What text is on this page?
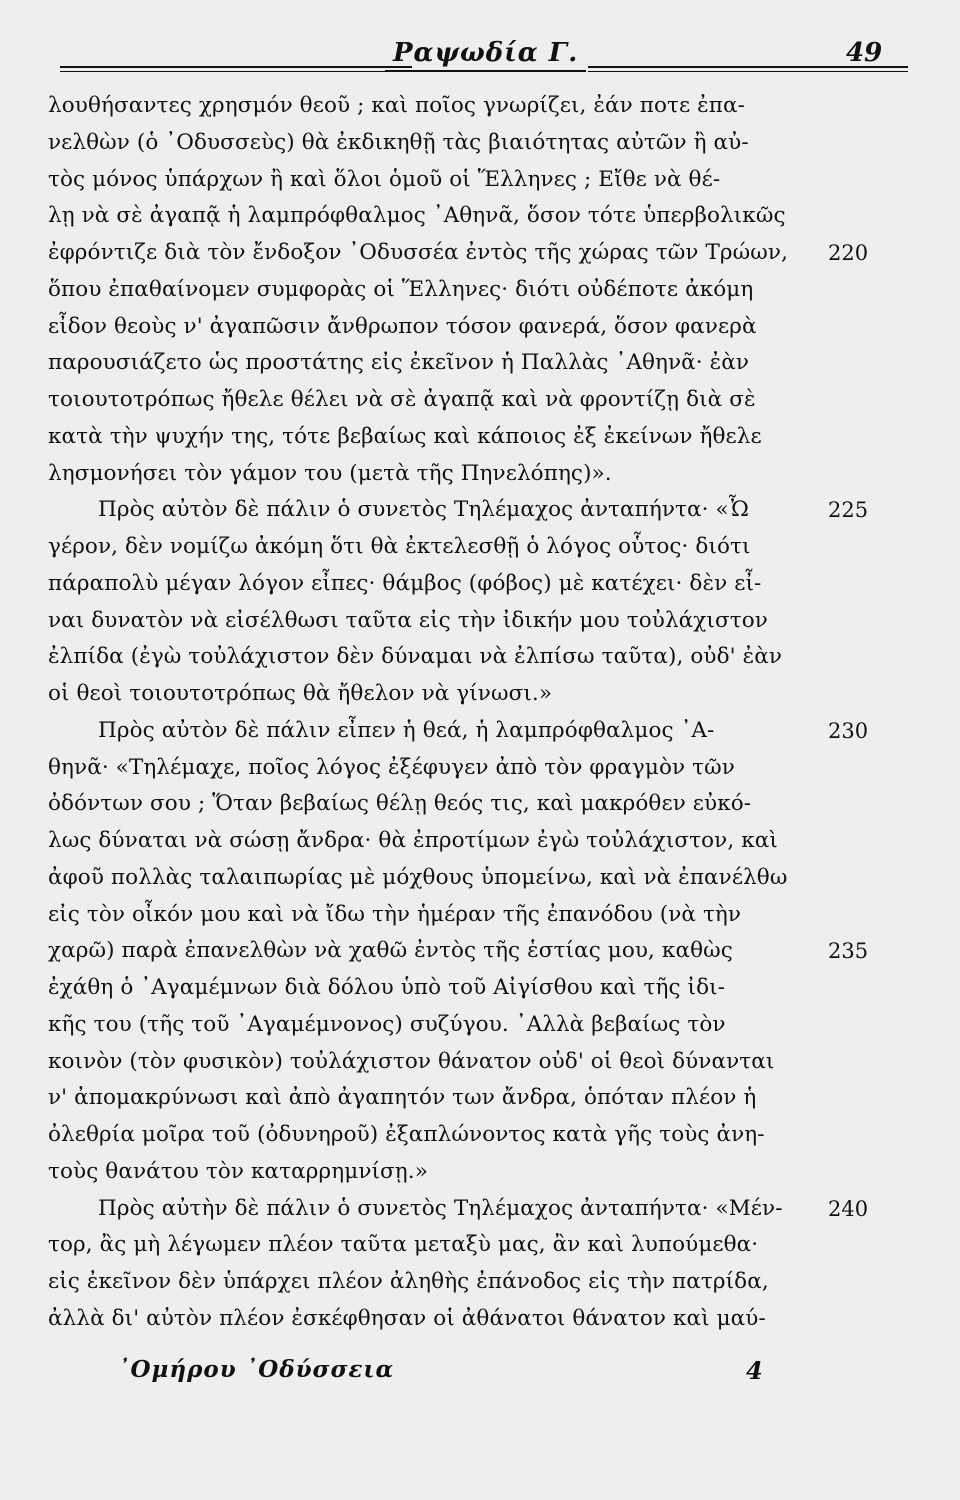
Ραψωδία Γ.	49
λουθήσαντες χρησμόν θεοῦ ; καὶ ποῖος γνωρίζει, ἐάν ποτε ἐπα-
νελθὼν (ὁ ᾿Οδυσσεὺς) θὰ ἐκδικηθῇ τὰς βιαιότητας αὐτῶν ἢ αὐ-
τὸς μόνος ὑπάρχων ἢ καὶ ὅλοι ὁμοῦ οἱ Ἕλληνες ; Εἴθε νὰ θέ-
λῃ νὰ σὲ ἀγαπᾷ ἡ λαμπρόφθαλμος ᾿Αθηνᾶ, ὅσον τότε ὑπερβολικῶς
ἐφρόντιζε διὰ τὸν ἔνδοξον ᾿Οδυσσέα ἐντὸς τῆς χώρας τῶν Τρώων,
ὅπου ἐπαθαίνομεν συμφορὰς οἱ Ἕλληνες· διότι οὐδέποτε ἀκόμη
εἶδον θεοὺς ν' ἀγαπῶσιν ἄνθρωπον τόσον φανερά, ὅσον φανερὰ
παρουσιάζετο ὡς προστάτης εἰς ἐκεῖνον ἡ Παλλὰς ᾿Αθηνᾶ· ἐὰν
τοιουτοτρόπως ἤθελε θέλει νὰ σὲ ἀγαπᾷ καὶ νὰ φροντίζῃ διὰ σὲ
κατὰ τὴν ψυχήν της, τότε βεβαίως καὶ κάποιος ἐξ ἐκείνων ἤθελε
λησμονήσει τὸν γάμον του (μετὰ τῆς Πηνελόπης)».
Πρὸς αὐτὸν δὲ πάλιν ὁ συνετὸς Τηλέμαχος ἀνταπήντα· «Ὦ
γέρον, δὲν νομίζω ἀκόμη ὅτι θὰ ἐκτελεσθῇ ὁ λόγος οὗτος· διότι
πάραπολὺ μέγαν λόγον εἶπες· θάμβος (φόβος) μὲ κατέχει· δὲν εἶ-
ναι δυνατὸν νὰ εἰσέλθωσι ταῦτα εἰς τὴν ἰδικήν μου τοὐλάχιστον
ἐλπίδα (ἐγὼ τοὐλάχιστον δὲν δύναμαι νὰ ἐλπίσω ταῦτα), οὐδ' ἐὰν
οἱ θεοὶ τοιουτοτρόπως θὰ ἤθελον νὰ γίνωσι.»
Πρὸς αὐτὸν δὲ πάλιν εἶπεν ἡ θεά, ἡ λαμπρόφθαλμος ᾿Α-
θηνᾶ· «Τηλέμαχε, ποῖος λόγος ἐξέφυγεν ἀπὸ τὸν φραγμὸν τῶν
ὀδόντων σου ; Ὅταν βεβαίως θέλῃ θεός τις, καὶ μακρόθεν εὐκό-
λως δύναται νὰ σώσῃ ἄνδρα· θὰ ἐπροτίμων ἐγὼ τοὐλάχιστον, καὶ
ἀφοῦ πολλὰς ταλαιπωρίας μὲ μόχθους ὑπομείνω, καὶ νὰ ἐπανέλθω
εἰς τὸν οἶκόν μου καὶ νὰ ἴδω τὴν ἡμέραν τῆς ἐπανόδου (νὰ τὴν
χαρῶ) παρὰ ἐπανελθὼν νὰ χαθῶ ἐντὸς τῆς ἑστίας μου, καθὼς
ἐχάθη ὁ ᾿Αγαμέμνων διὰ δόλου ὑπὸ τοῦ Αἰγίσθου καὶ τῆς ἰδι-
κῆς του (τῆς τοῦ ᾿Αγαμέμνονος) συζύγου. ᾿Αλλὰ βεβαίως τὸν
κοινὸν (τὸν φυσικὸν) τοὐλάχιστον θάνατον οὐδ' οἱ θεοὶ δύνανται
ν' ἀπομακρύνωσι καὶ ἀπὸ ἀγαπητόν των ἄνδρα, ὁπόταν πλέον ἡ
ὀλεθρία μοῖρα τοῦ (ὀδυνηροῦ) ἐξαπλώνοντος κατὰ γῆς τοὺς ἀνη-
τοὺς θανάτου τὸν καταρρημνίσῃ.»
Πρὸς αὐτὴν δὲ πάλιν ὁ συνετὸς Τηλέμαχος ἀνταπήντα· «Μέν-
τορ, ἂς μὴ λέγωμεν πλέον ταῦτα μεταξὺ μας, ἂν καὶ λυπούμεθα·
εἰς ἐκεῖνον δὲν ὑπάρχει πλέον ἀληθὴς ἐπάνοδος εἰς τὴν πατρίδα,
ἀλλὰ δι' αὐτὸν πλέον ἐσκέφθησαν οἱ ἀθάνατοι θάνατον καὶ μαύ-
220
225
230
235
240
᾿Ομήρου ᾿Οδύσσεια	4
